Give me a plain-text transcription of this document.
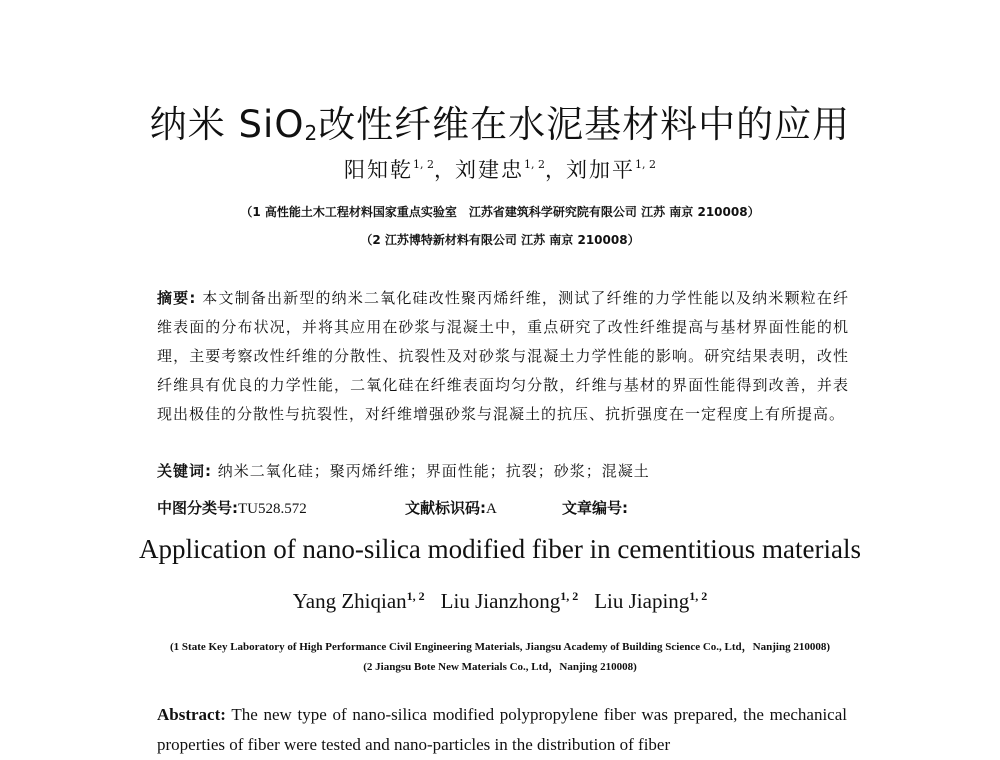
纳米 SiO$_2$改性纤维在水泥基材料中的应用
阳知乾$^{1, 2}$，刘建忠$^{1, 2}$，刘加平$^{1, 2}$
（1 高性能土木工程材料国家重点实验室　江苏省建筑科学研究院有限公司 江苏 南京 210008）
（2 江苏博特新材料有限公司 江苏 南京 210008）
摘要: 本文制备出新型的纳米二氧化硅改性聚丙烯纤维，测试了纤维的力学性能以及纳米颗粒在纤维表面的分布状况，并将其应用在砂浆与混凝土中，重点研究了改性纤维提高与基材界面性能的机理，主要考察改性纤维的分散性、抗裂性及对砂浆与混凝土力学性能的影响。研究结果表明，改性纤维具有优良的力学性能，二氧化硅在纤维表面均匀分散，纤维与基材的界面性能得到改善，并表现出极佳的分散性与抗裂性，对纤维增强砂浆与混凝土的抗压、抗折强度在一定程度上有所提高。
关键词: 纳米二氧化硅；聚丙烯纤维；界面性能；抗裂；砂浆；混凝土
中图分类号:TU528.572	文献标识码:A	文章编号:
Application of nano-silica modified fiber in cementitious materials
Yang Zhiqian$^{1, 2}$ Liu Jianzhong$^{1, 2}$ Liu Jiaping$^{1, 2}$
(1 State Key Laboratory of High Performance Civil Engineering Materials, Jiangsu Academy of Building Science Co., Ltd，Nanjing 210008)
(2 Jiangsu Bote New Materials Co., Ltd，Nanjing 210008)
Abstract: The new type of nano-silica modified polypropylene fiber was prepared, the mechanical properties of fiber were tested and nano-particles in the distribution of fiber
